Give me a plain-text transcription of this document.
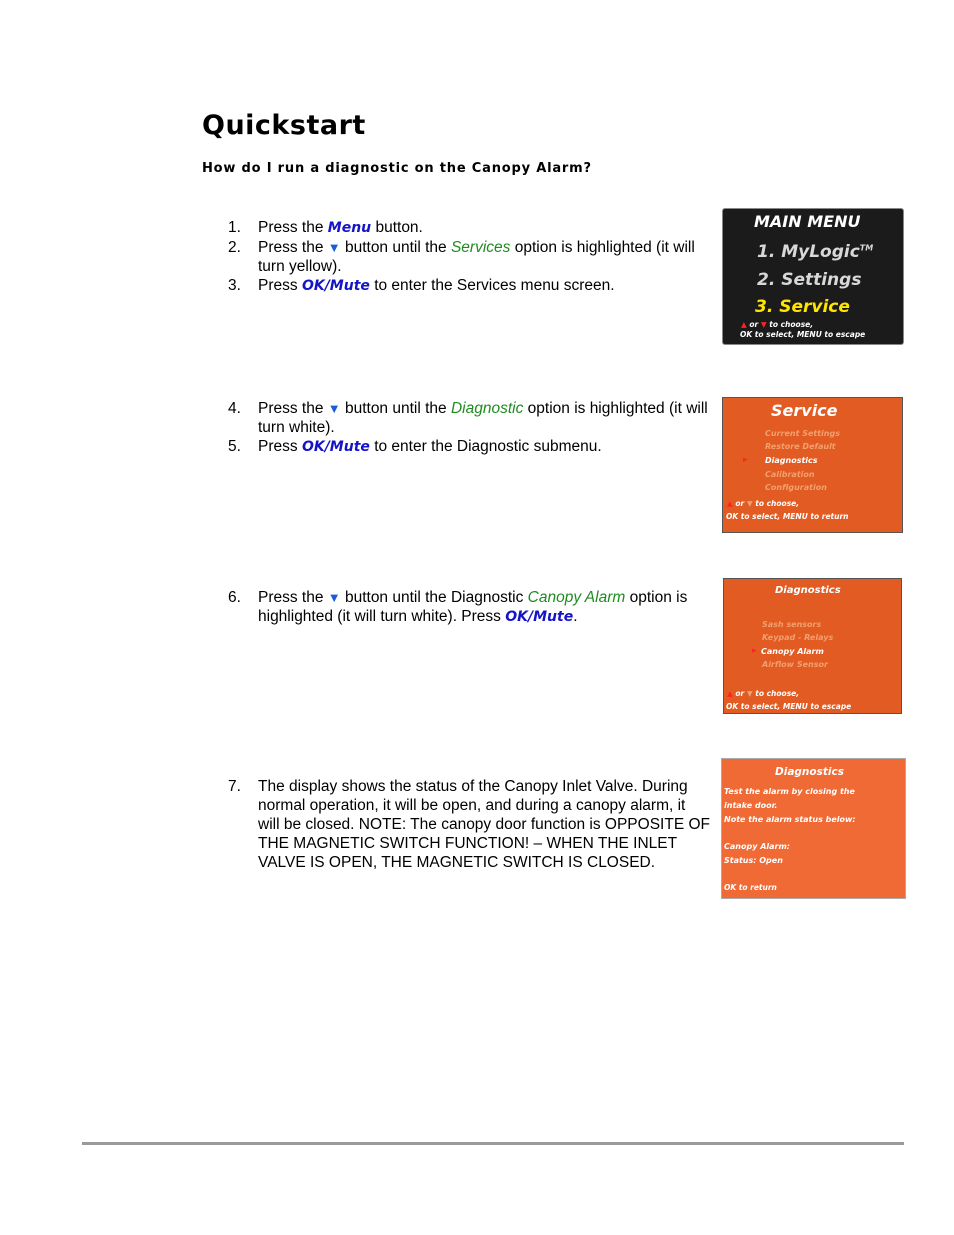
Quickstart
How do I run a diagnostic on the Canopy Alarm?
1. Press the Menu button.
2. Press the ▼ button until the Services option is highlighted (it will turn yellow).
3. Press OK/Mute to enter the Services menu screen.
4. Press the ▼ button until the Diagnostic option is highlighted (it will turn white).
5. Press OK/Mute to enter the Diagnostic submenu.
6. Press the ▼ button until the Diagnostic Canopy Alarm option is highlighted (it will turn white). Press OK/Mute.
7. The display shows the status of the Canopy Inlet Valve. During normal operation, it will be open, and during a canopy alarm, it will be closed. NOTE: The canopy door function is OPPOSITE OF THE MAGNETIC SWITCH FUNCTION! – WHEN THE INLET VALVE IS OPEN, THE MAGNETIC SWITCH IS CLOSED.
MAIN MENU
1. MyLogic™
2. Settings
3. Service
▲ or ▼ to choose,
OK to select, MENU to escape
Service
Current Settings
Restore Default
▸ Diagnostics
Calibration
Configuration
▲ or ▼ to choose,
OK to select, MENU to return
Diagnostics
Sash sensors
Keypad - Relays
▸ Canopy Alarm
Airflow Sensor
▲ or ▼ to choose,
OK to select, MENU to escape
Diagnostics
Test the alarm by closing the
intake door.
Note the alarm status below:
Canopy Alarm:
Status: Open
OK to return
